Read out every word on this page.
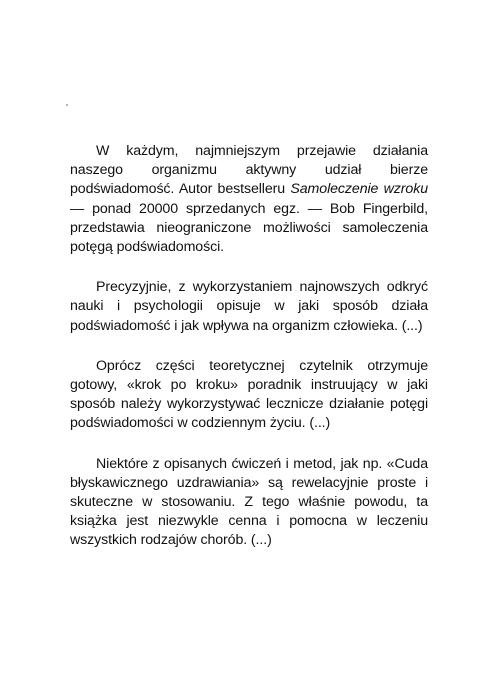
W każdym, najmniejszym przejawie działania naszego organizmu aktywny udział bierze podświadomość. Autor bestselleru Samoleczenie wzroku — ponad 20000 sprzedanych egz. — Bob Fingerbild, przedstawia nieograniczone możliwości samoleczenia potęgą podświadomości.

Precyzyjnie, z wykorzystaniem najnowszych odkryć nauki i psychologii opisuje w jaki sposób działa podświadomość i jak wpływa na organizm człowieka. (...)

Oprócz części teoretycznej czytelnik otrzymuje gotowy, «krok po kroku» poradnik instruujący w jaki sposób należy wykorzystywać lecznicze działanie potęgi podświadomości w codziennym życiu. (...)

Niektóre z opisanych ćwiczeń i metod, jak np. «Cuda błyskawicznego uzdrawiania» są rewelacyjnie proste i skuteczne w stosowaniu. Z tego właśnie powodu, ta książka jest niezwykle cenna i pomocna w leczeniu wszystkich rodzajów chorób. (...)
